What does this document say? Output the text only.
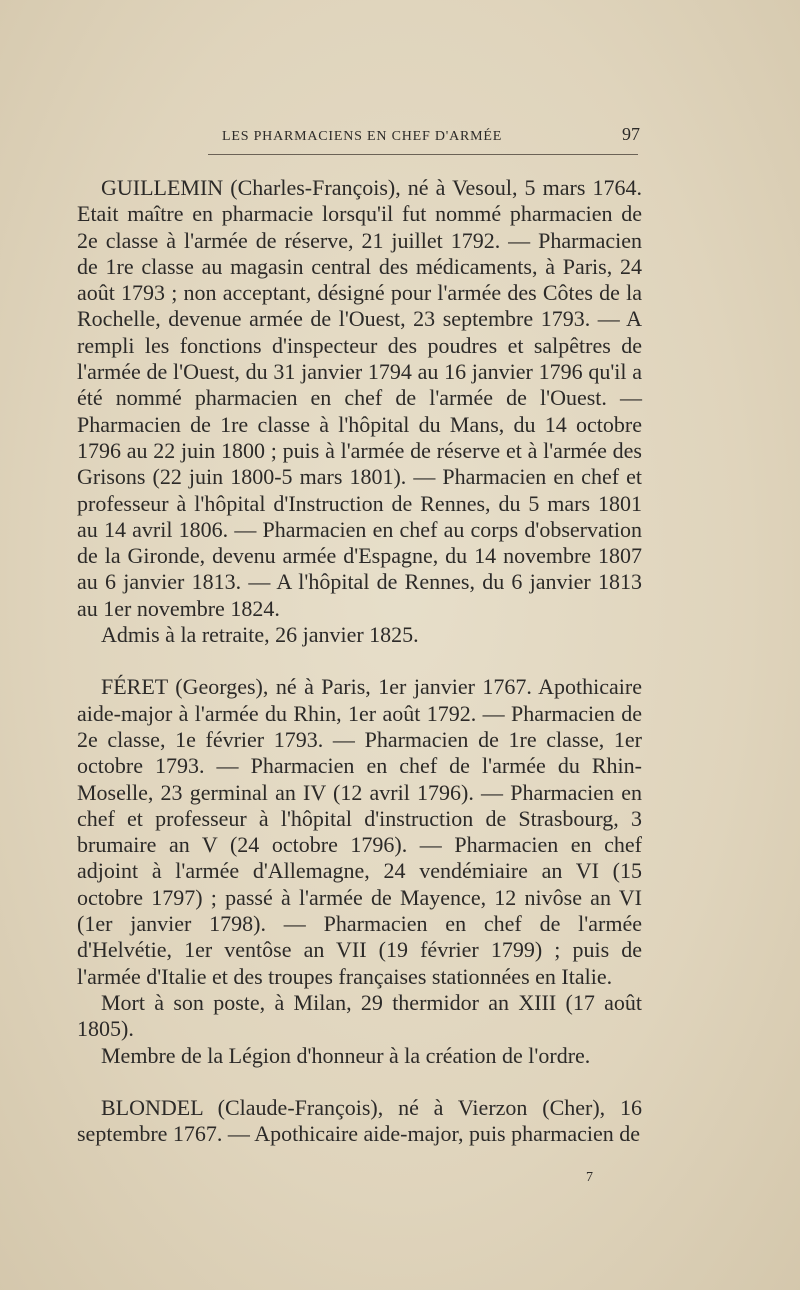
LES PHARMACIENS EN CHEF D'ARMÉE	97

GUILLEMIN (Charles-François), né à Vesoul, 5 mars 1764. Etait maître en pharmacie lorsqu'il fut nommé pharmacien de 2e classe à l'armée de réserve, 21 juillet 1792. — Pharmacien de 1re classe au magasin central des médicaments, à Paris, 24 août 1793 ; non acceptant, désigné pour l'armée des Côtes de la Rochelle, devenue armée de l'Ouest, 23 septembre 1793. — A rempli les fonctions d'inspecteur des poudres et salpêtres de l'armée de l'Ouest, du 31 janvier 1794 au 16 janvier 1796 qu'il a été nommé pharmacien en chef de l'armée de l'Ouest. — Pharmacien de 1re classe à l'hôpital du Mans, du 14 octobre 1796 au 22 juin 1800 ; puis à l'armée de réserve et à l'armée des Grisons (22 juin 1800-5 mars 1801). — Pharmacien en chef et professeur à l'hôpital d'Instruction de Rennes, du 5 mars 1801 au 14 avril 1806. — Pharmacien en chef au corps d'observation de la Gironde, devenu armée d'Espagne, du 14 novembre 1807 au 6 janvier 1813. — A l'hôpital de Rennes, du 6 janvier 1813 au 1er novembre 1824.

Admis à la retraite, 26 janvier 1825.

FÉRET (Georges), né à Paris, 1er janvier 1767. Apothicaire aide-major à l'armée du Rhin, 1er août 1792. — Pharmacien de 2e classe, 1e février 1793. — Pharmacien de 1re classe, 1er octobre 1793. — Pharmacien en chef de l'armée du Rhin-Moselle, 23 germinal an IV (12 avril 1796). — Pharmacien en chef et professeur à l'hôpital d'instruction de Strasbourg, 3 brumaire an V (24 octobre 1796). — Pharmacien en chef adjoint à l'armée d'Allemagne, 24 vendémiaire an VI (15 octobre 1797) ; passé à l'armée de Mayence, 12 nivôse an VI (1er janvier 1798). — Pharmacien en chef de l'armée d'Helvétie, 1er ventôse an VII (19 février 1799) ; puis de l'armée d'Italie et des troupes françaises stationnées en Italie.

Mort à son poste, à Milan, 29 thermidor an XIII (17 août 1805).

Membre de la Légion d'honneur à la création de l'ordre.

BLONDEL (Claude-François), né à Vierzon (Cher), 16 septembre 1767. — Apothicaire aide-major, puis pharmacien de

7
